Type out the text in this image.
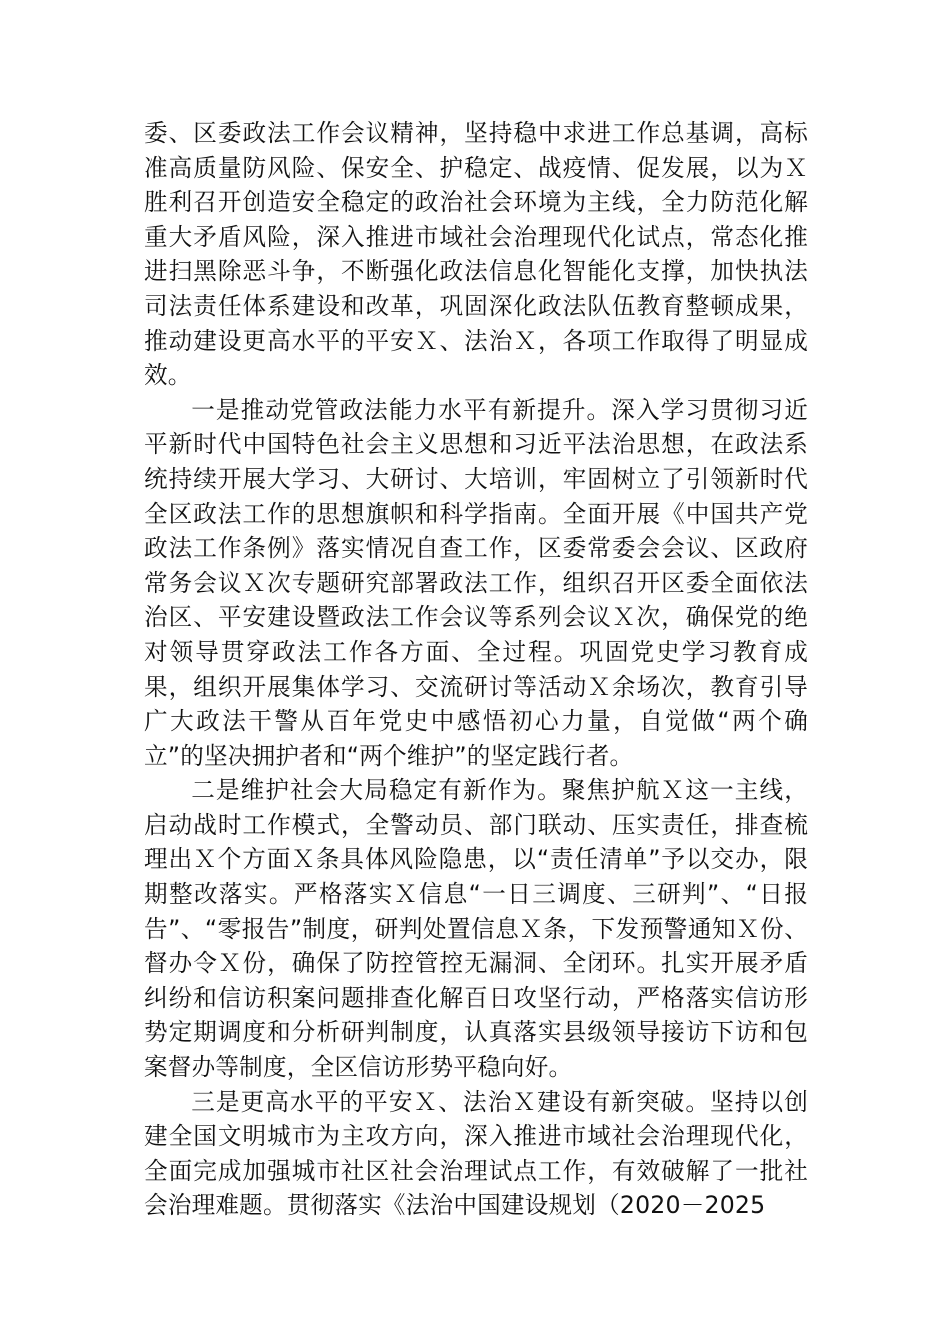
委、区委政法工作会议精神，坚持稳中求进工作总基调，高标准高质量防风险、保安全、护稳定、战疫情、促发展，以为Ｘ胜利召开创造安全稳定的政治社会环境为主线，全力防范化解重大矛盾风险，深入推进市域社会治理现代化试点，常态化推进扫黑除恶斗争，不断强化政法信息化智能化支撑，加快执法司法责任体系建设和改革，巩固深化政法队伍教育整顿成果，推动建设更高水平的平安Ｘ、法治Ｘ，各项工作取得了明显成效。

一是推动党管政法能力水平有新提升。深入学习贯彻习近平新时代中国特色社会主义思想和习近平法治思想，在政法系统持续开展大学习、大研讨、大培训，牢固树立了引领新时代全区政法工作的思想旗帜和科学指南。全面开展《中国共产党政法工作条例》落实情况自查工作，区委常委会会议、区政府常务会议Ｘ次专题研究部署政法工作，组织召开区委全面依法治区、平安建设暨政法工作会议等系列会议Ｘ次，确保党的绝对领导贯穿政法工作各方面、全过程。巩固党史学习教育成果，组织开展集体学习、交流研讨等活动Ｘ余场次，教育引导广大政法干警从百年党史中感悟初心力量，自觉做“两个确立”的坚决拥护者和“两个维护”的坚定践行者。

二是维护社会大局稳定有新作为。聚焦护航Ｘ这一主线，启动战时工作模式，全警动员、部门联动、压实责任，排查梳理出Ｘ个方面Ｘ条具体风险隐患，以“责任清单”予以交办，限期整改落实。严格落实Ｘ信息“一日三调度、三研判”、“日报告”、“零报告”制度，研判处置信息Ｘ条，下发预警通知Ｘ份、督办令Ｘ份，确保了防控管控无漏洞、全闭环。扎实开展矛盾纠纷和信访积案问题排查化解百日攻坚行动，严格落实信访形势定期调度和分析研判制度，认真落实县级领导接访下访和包案督办等制度，全区信访形势平稳向好。

三是更高水平的平安Ｘ、法治Ｘ建设有新突破。坚持以创建全国文明城市为主攻方向，深入推进市域社会治理现代化，全面完成加强城市社区社会治理试点工作，有效破解了一批社会治理难题。贯彻落实《法治中国建设规划（2020－2025
